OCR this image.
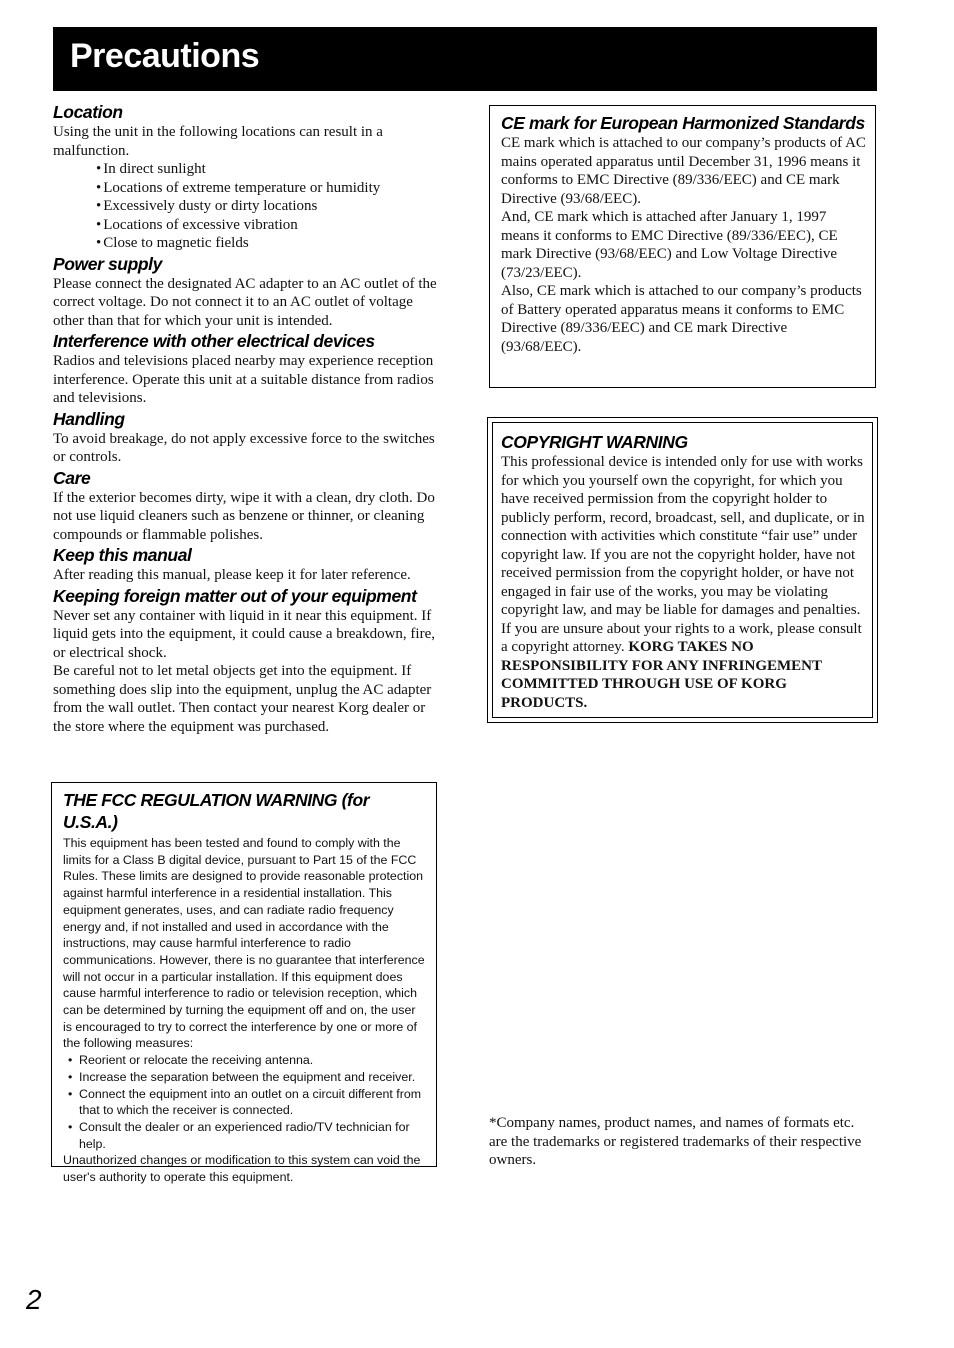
Precautions
Location

Using the unit in the following locations can result in a malfunction.

• In direct sunlight
• Locations of extreme temperature or humidity
• Excessively dusty or dirty locations
• Locations of excessive vibration
• Close to magnetic fields
Power supply

Please connect the designated AC adapter to an AC outlet of the correct voltage. Do not connect it to an AC outlet of voltage other than that for which your unit is intended.

Interference with other electrical devices

Radios and televisions placed nearby may experience reception interference. Operate this unit at a suitable distance from radios and televisions.

Handling

To avoid breakage, do not apply excessive force to the switches or controls.

Care

If the exterior becomes dirty, wipe it with a clean, dry cloth. Do not use liquid cleaners such as benzene or thinner, or cleaning compounds or flammable polishes.

Keep this manual

After reading this manual, please keep it for later reference.

Keeping foreign matter out of your equipment

Never set any container with liquid in it near this equipment. If liquid gets into the equipment, it could cause a breakdown, fire, or electrical shock.

Be careful not to let metal objects get into the equipment. If something does slip into the equipment, unplug the AC adapter from the wall outlet. Then contact your nearest Korg dealer or the store where the equipment was purchased.

THE FCC REGULATION WARNING (for U.S.A.)

This equipment has been tested and found to comply with the limits for a Class B digital device, pursuant to Part 15 of the FCC Rules. These limits are designed to provide reasonable protection against harmful interference in a residential installation. This equipment generates, uses, and can radiate radio frequency energy and, if not installed and used in accordance with the instructions, may cause harmful interference to radio communications. However, there is no guarantee that interference will not occur in a particular installation. If this equipment does cause harmful interference to radio or television reception, which can be determined by turning the equipment off and on, the user is encouraged to try to correct the interference by one or more of the following measures:

• Reorient or relocate the receiving antenna.
• Increase the separation between the equipment and receiver.
• Connect the equipment into an outlet on a circuit different from that to which the receiver is connected.
• Consult the dealer or an experienced radio/TV technician for help.

Unauthorized changes or modification to this system can void the user's authority to operate this equipment.

CE mark for European Harmonized Standards

CE mark which is attached to our company’s products of AC mains operated apparatus until December 31, 1996 means it conforms to EMC Directive (89/336/EEC) and CE mark Directive (93/68/EEC).

And, CE mark which is attached after January 1, 1997 means it conforms to EMC Directive (89/336/EEC), CE mark Directive (93/68/EEC) and Low Voltage Directive (73/23/EEC).

Also, CE mark which is attached to our company’s products of Battery operated apparatus means it conforms to EMC Directive (89/336/EEC) and CE mark Directive (93/68/EEC).

COPYRIGHT WARNING

This professional device is intended only for use with works for which you yourself own the copyright, for which you have received permission from the copyright holder to publicly perform, record, broadcast, sell, and duplicate, or in connection with activities which constitute “fair use” under copyright law. If you are not the copyright holder, have not received permission from the copyright holder, or have not engaged in fair use of the works, you may be violating copyright law, and may be liable for damages and penalties. If you are unsure about your rights to a work, please consult a copyright attorney. KORG TAKES NO RESPONSIBILITY FOR ANY INFRINGEMENT COMMITTED THROUGH USE OF KORG PRODUCTS.

*Company names, product names, and names of formats etc. are the trademarks or registered trademarks of their respective owners.

2
